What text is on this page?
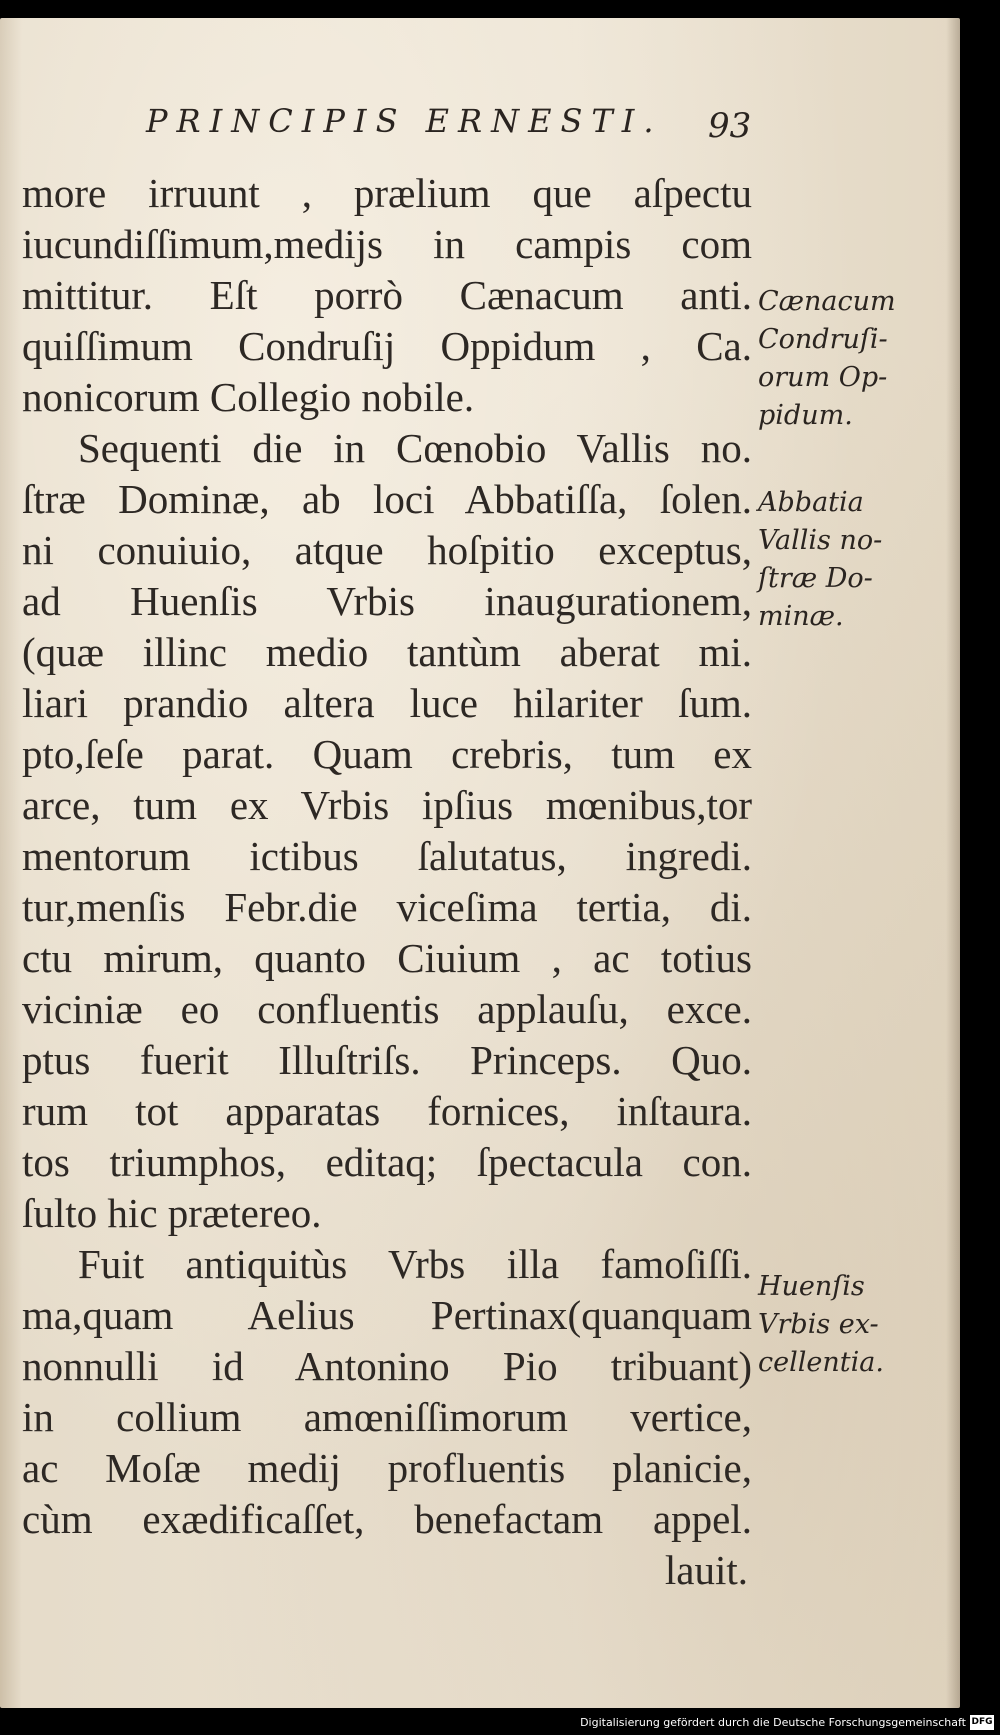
PRINCIPIS ERNESTI. 93
more irruunt , prælium que aſpectu
iucundiſſimum,medijs in campis com
mittitur. Eſt porrò Cænacum anti.
quiſſimum Condruſij Oppidum , Ca.
nonicorum Collegio nobile.
Sequenti die in Cœnobio Vallis no.
ſtræ Dominæ, ab loci Abbatiſſa, ſolen.
ni conuiuio, atque hoſpitio exceptus,
ad Huenſis Vrbis inaugurationem,
(quæ illinc medio tantùm aberat mi.
liari prandio altera luce hilariter ſum.
pto,ſeſe parat. Quam crebris, tum ex
arce, tum ex Vrbis ipſius mœnibus,tor
mentorum ictibus ſalutatus, ingredi.
tur,menſis Febr.die viceſima tertia, di.
ctu mirum, quanto Ciuium , ac totius
viciniæ eo confluentis applauſu, exce.
ptus fuerit Illuſtriſs. Princeps. Quo.
rum tot apparatas fornices, inſtaura.
tos triumphos, editaq; ſpectacula con.
ſulto hic prætereo.
Fuit antiquitùs Vrbs illa famoſiſſi.
ma,quam Aelius Pertinax(quanquam
nonnulli id Antonino Pio tribuant)
in collium amœniſſimorum vertice,
ac Moſæ medij profluentis planicie,
cùm exædificaſſet, benefactam appel.
lauit.
Cænacum
Condruſi-
orum Op-
pidum.
Abbatia
Vallis no-
ſtræ Do-
minæ.
Huenſis
Vrbis ex-
cellentia.
Digitalisierung gefördert durch die Deutsche Forschungsgemeinschaft DFG
